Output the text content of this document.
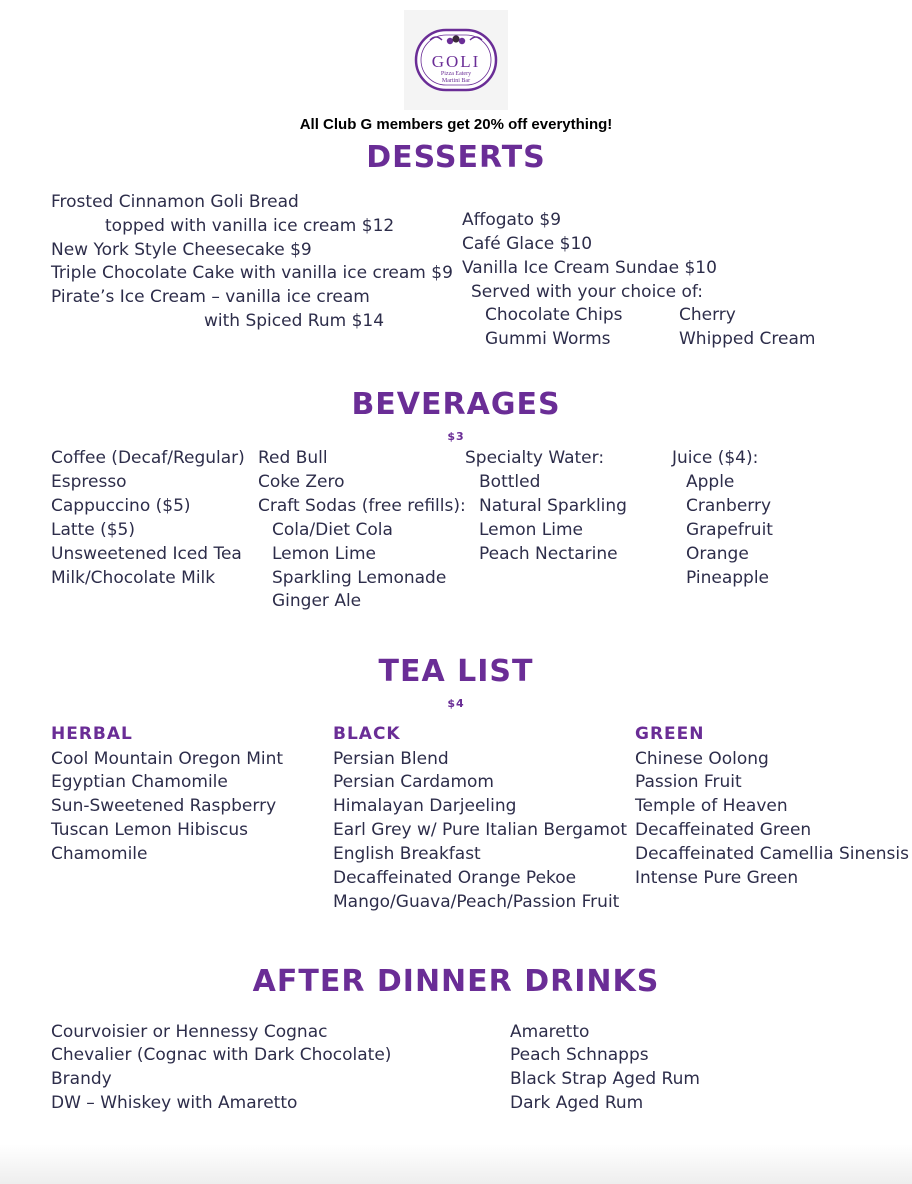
GOLI
Pizza Eatery
Martini Bar
All Club G members get 20% off everything!
DESSERTS
Frosted Cinnamon Goli Bread
topped with vanilla ice cream $12
New York Style Cheesecake $9
Triple Chocolate Cake with vanilla ice cream $9
Pirate’s Ice Cream – vanilla ice cream
with Spiced Rum $14
Affogato $9
Café Glace $10
Vanilla Ice Cream Sundae $10
Served with your choice of:
Chocolate Chips	Cherry
Gummi Worms	Whipped Cream
BEVERAGES
$3
Coffee (Decaf/Regular)
Espresso
Cappuccino ($5)
Latte ($5)
Unsweetened Iced Tea
Milk/Chocolate Milk
Red Bull
Coke Zero
Craft Sodas (free refills):
Cola/Diet Cola
Lemon Lime
Sparkling Lemonade
Ginger Ale
Specialty Water:
Bottled
Natural Sparkling
Lemon Lime
Peach Nectarine
Juice ($4):
Apple
Cranberry
Grapefruit
Orange
Pineapple
TEA LIST
$4
HERBAL
Cool Mountain Oregon Mint
Egyptian Chamomile
Sun-Sweetened Raspberry
Tuscan Lemon Hibiscus
Chamomile
BLACK
Persian Blend
Persian Cardamom
Himalayan Darjeeling
Earl Grey w/ Pure Italian Bergamot
English Breakfast
Decaffeinated Orange Pekoe
Mango/Guava/Peach/Passion Fruit
GREEN
Chinese Oolong
Passion Fruit
Temple of Heaven
Decaffeinated Green
Decaffeinated Camellia Sinensis
Intense Pure Green
AFTER DINNER DRINKS
Courvoisier or Hennessy Cognac
Chevalier (Cognac with Dark Chocolate)
Brandy
DW – Whiskey with Amaretto
Amaretto
Peach Schnapps
Black Strap Aged Rum
Dark Aged Rum
